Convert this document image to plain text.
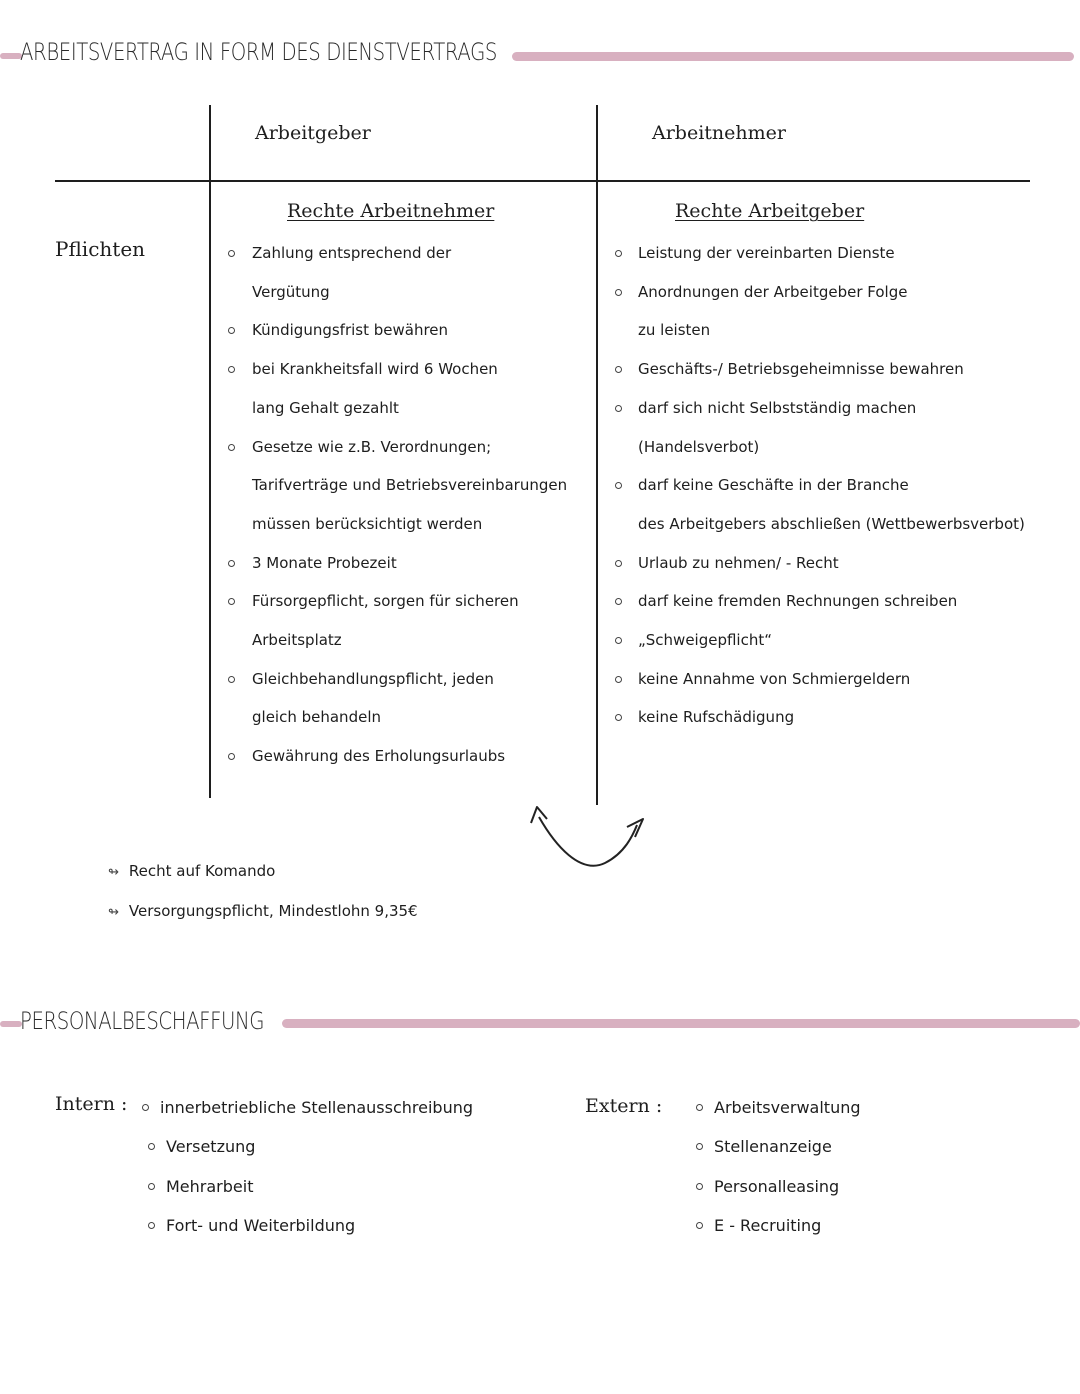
ARBEITSVERTRAG IN FORM DES DIENSTVERTRAGS
Arbeitgeber	Arbeitnehmer
Pflichten
Rechte Arbeitnehmer
Zahlung entsprechend der
Vergütung
Kündigungsfrist bewähren
bei Krankheitsfall wird 6 Wochen
lang Gehalt gezahlt
Gesetze wie z.B. Verordnungen;
Tarifverträge und Betriebsvereinbarungen
müssen berücksichtigt werden
3 Monate Probezeit
Fürsorgepflicht, sorgen für sicheren
Arbeitsplatz
Gleichbehandlungspflicht, jeden
gleich behandeln
Gewährung des Erholungsurlaubs
Rechte Arbeitgeber
Leistung der vereinbarten Dienste
Anordnungen der Arbeitgeber Folge
zu leisten
Geschäfts-/ Betriebsgeheimnisse bewahren
darf sich nicht Selbstständig machen
(Handelsverbot)
darf keine Geschäfte in der Branche
des Arbeitgebers abschließen (Wettbewerbsverbot)
Urlaub zu nehmen/ - Recht
darf keine fremden Rechnungen schreiben
„Schweigepflicht“
keine Annahme von Schmiergeldern
keine Rufschädigung
↬ Recht auf Komando
↬ Versorgungspflicht, Mindestlohn 9,35€
PERSONALBESCHAFFUNG
Intern : innerbetriebliche Stellenausschreibung
Versetzung
Mehrarbeit
Fort- und Weiterbildung
Extern :	Arbeitsverwaltung
Stellenanzeige
Personalleasing
E - Recruiting
